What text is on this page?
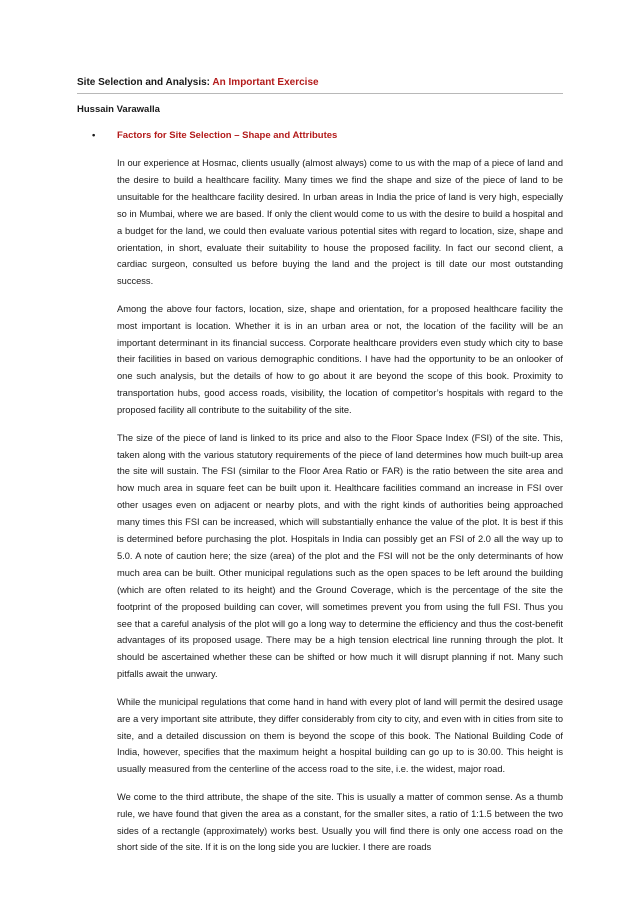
Site Selection and Analysis: An Important Exercise
Hussain Varawalla
• Factors for Site Selection – Shape and Attributes

In our experience at Hosmac, clients usually (almost always) come to us with the map of a piece of land and the desire to build a healthcare facility. Many times we find the shape and size of the piece of land to be unsuitable for the healthcare facility desired. In urban areas in India the price of land is very high, especially so in Mumbai, where we are based. If only the client would come to us with the desire to build a hospital and a budget for the land, we could then evaluate various potential sites with regard to location, size, shape and orientation, in short, evaluate their suitability to house the proposed facility. In fact our second client, a cardiac surgeon, consulted us before buying the land and the project is till date our most outstanding success.

Among the above four factors, location, size, shape and orientation, for a proposed healthcare facility the most important is location. Whether it is in an urban area or not, the location of the facility will be an important determinant in its financial success. Corporate healthcare providers even study which city to base their facilities in based on various demographic conditions. I have had the opportunity to be an onlooker of one such analysis, but the details of how to go about it are beyond the scope of this book. Proximity to transportation hubs, good access roads, visibility, the location of competitor’s hospitals with regard to the proposed facility all contribute to the suitability of the site.

The size of the piece of land is linked to its price and also to the Floor Space Index (FSI) of the site. This, taken along with the various statutory requirements of the piece of land determines how much built-up area the site will sustain. The FSI (similar to the Floor Area Ratio or FAR) is the ratio between the site area and how much area in square feet can be built upon it. Healthcare facilities command an increase in FSI over other usages even on adjacent or nearby plots, and with the right kinds of authorities being approached many times this FSI can be increased, which will substantially enhance the value of the plot. It is best if this is determined before purchasing the plot. Hospitals in India can possibly get an FSI of 2.0 all the way up to 5.0. A note of caution here; the size (area) of the plot and the FSI will not be the only determinants of how much area can be built. Other municipal regulations such as the open spaces to be left around the building (which are often related to its height) and the Ground Coverage, which is the percentage of the site the footprint of the proposed building can cover, will sometimes prevent you from using the full FSI. Thus you see that a careful analysis of the plot will go a long way to determine the efficiency and thus the cost-benefit advantages of its proposed usage. There may be a high tension electrical line running through the plot. It should be ascertained whether these can be shifted or how much it will disrupt planning if not. Many such pitfalls await the unwary.

While the municipal regulations that come hand in hand with every plot of land will permit the desired usage are a very important site attribute, they differ considerably from city to city, and even with in cities from site to site, and a detailed discussion on them is beyond the scope of this book. The National Building Code of India, however, specifies that the maximum height a hospital building can go up to is 30.00. This height is usually measured from the centerline of the access road to the site, i.e. the widest, major road.

We come to the third attribute, the shape of the site. This is usually a matter of common sense. As a thumb rule, we have found that given the area as a constant, for the smaller sites, a ratio of 1:1.5 between the two sides of a rectangle (approximately) works best. Usually you will find there is only one access road on the short side of the site. If it is on the long side you are luckier. I there are roads
